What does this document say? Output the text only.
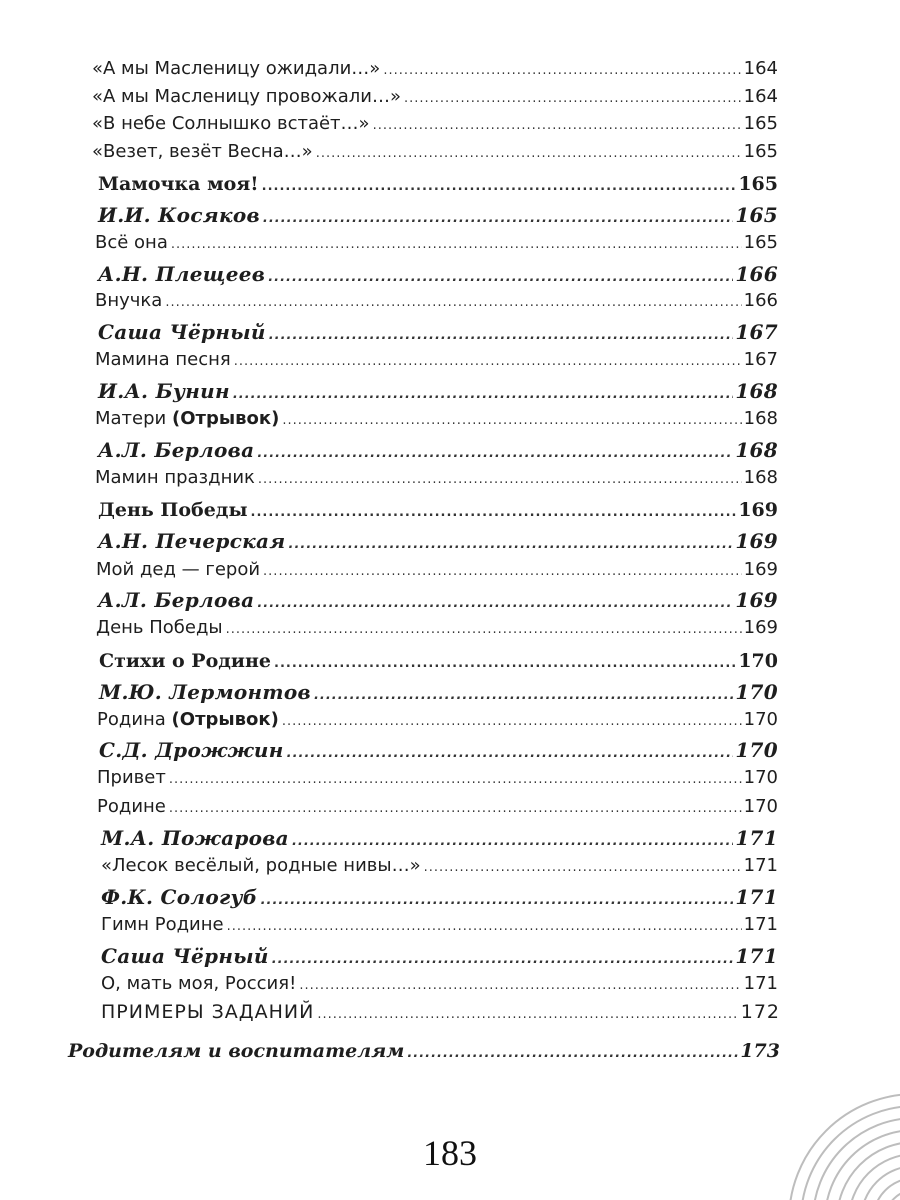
«А мы Масленицу ожидали…» .....	164
«А мы Масленицу провожали…» .....	164
«В небе Солнышко встаёт…» .....	165
«Везет, везёт Весна…» .....	165
Мамочка моя! .....	165
И.И. Косяков .....	165
Всё она .....	165
А.Н. Плещеев .....	166
Внучка .....	166
Саша Чёрный .....	167
Мамина песня .....	167
И.А. Бунин .....	168
Матери (Отрывок) .....	168
А.Л. Берлова .....	168
Мамин праздник .....	168
День Победы .....	169
А.Н. Печерская .....	169
Мой дед — герой .....	169
А.Л. Берлова .....	169
День Победы .....	169
Стихи о Родине .....	170
М.Ю. Лермонтов .....	170
Родина (Отрывок) .....	170
С.Д. Дрожжин .....	170
Привет .....	170
Родине .....	170
М.А. Пожарова .....	171
«Лесок весёлый, родные нивы…» .....	171
Ф.К. Сологуб .....	171
Гимн Родине .....	171
Саша Чёрный .....	171
О, мать моя, Россия! .....	171
ПРИМЕРЫ ЗАДАНИЙ .....	172
Родителям и воспитателям .....	173
183
